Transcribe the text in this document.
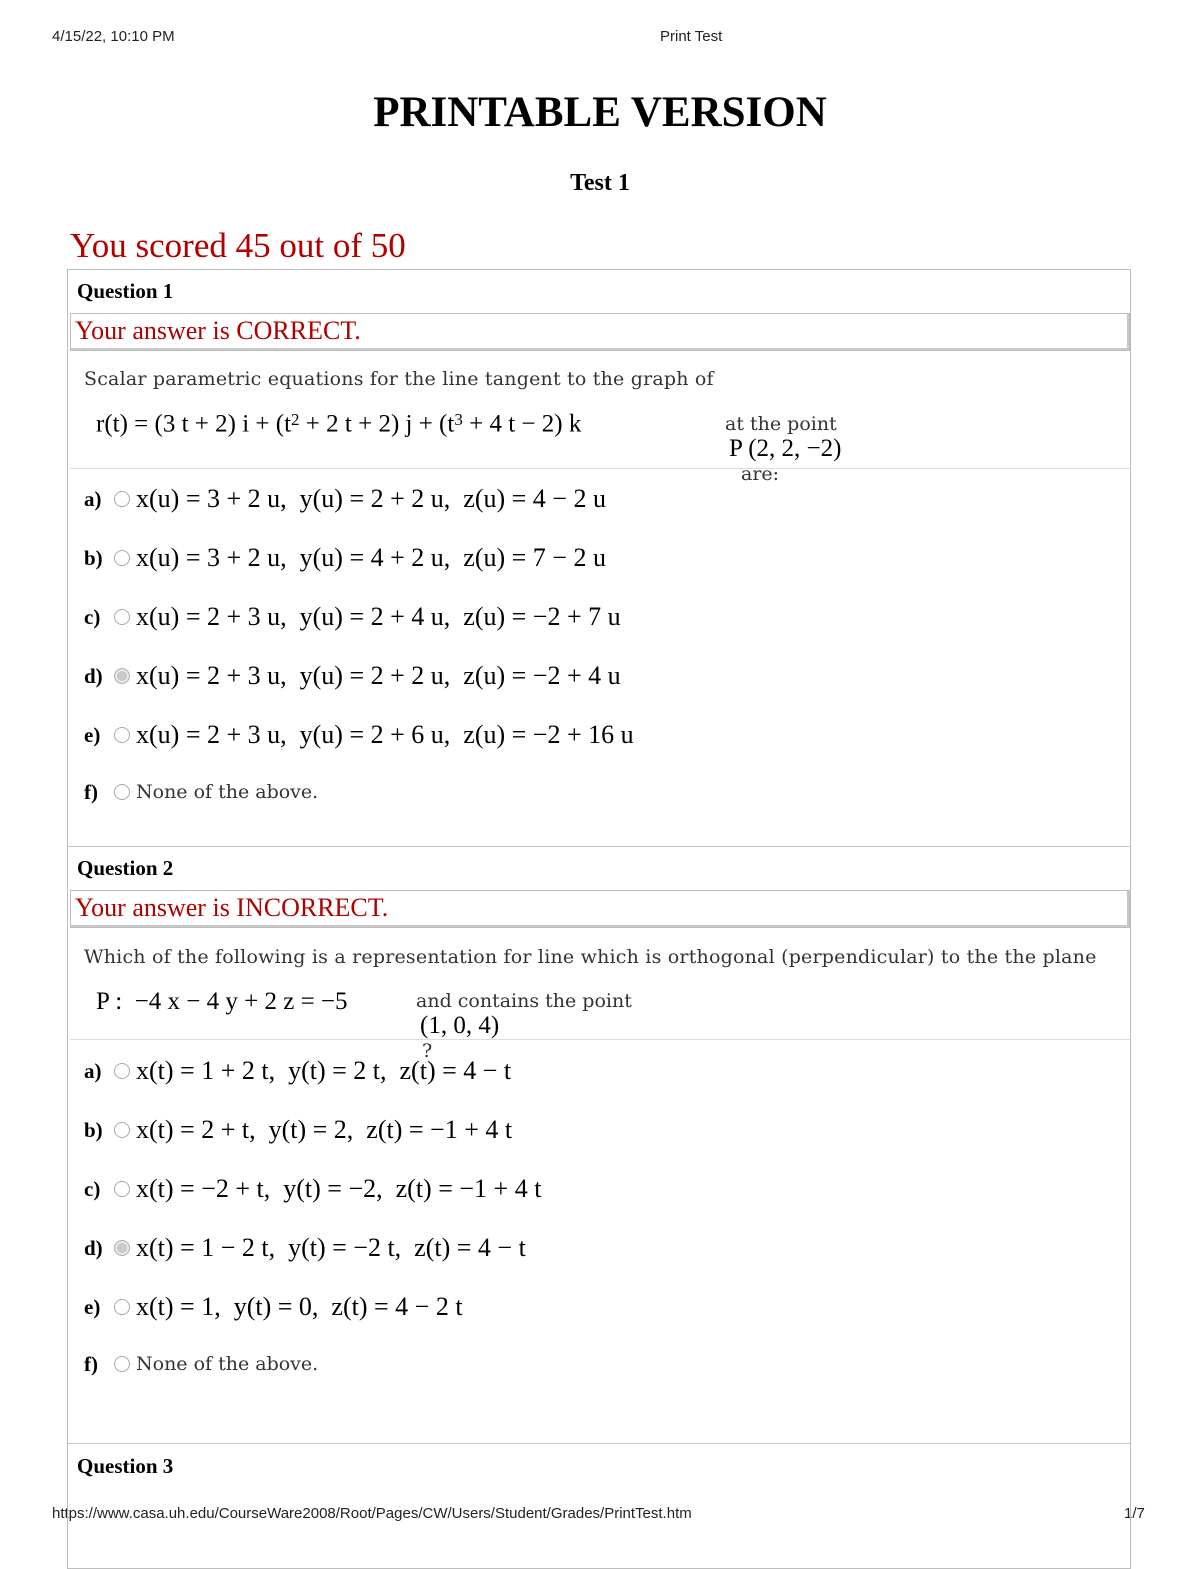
4/15/22, 10:10 PM	Print Test
https://www.casa.uh.edu/CourseWare2008/Root/Pages/CW/Users/Student/Grades/PrintTest.htm	1/7
PRINTABLE VERSION
Test 1
You scored 45 out of 50
Question 1
Your answer is CORRECT.
Scalar parametric equations for the line tangent to the graph of

r(t) = (3 t + 2) $i + (t^2 + 2$ t + 2) $j + (t^3 + 4$ t − 2) k	at the point
P (2, 2, −2)
are:

a)	x(u) = 3 + 2 u,  y(u) = 2 + 2 u,  z(u) = 4 − 2 u
b)	x(u) = 3 + 2 u,  y(u) = 4 + 2 u,  z(u) = 7 − 2 u
c)	x(u) = 2 + 3 u,  y(u) = 2 + 4 u,  z(u) = −2 + 7 u
d)	x(u) = 2 + 3 u,  y(u) = 2 + 2 u,  z(u) = −2 + 4 u
e)	x(u) = 2 + 3 u,  y(u) = 2 + 6 u,  z(u) = −2 + 16 u
f)	None of the above.
Question 2
Your answer is INCORRECT.
Which of the following is a representation for line which is orthogonal (perpendicular) to the the plane

P :  −4 x − 4 y + 2 z = −5	and contains the point
(1, 0, 4)
?

a)	x(t) = 1 + 2 t,  y(t) = 2 t,  z(t) = 4 − t
b)	x(t) = 2 + t,  y(t) = 2,  z(t) = −1 + 4 t
c)	x(t) = −2 + t,  y(t) = −2,  z(t) = −1 + 4 t
d)	x(t) = 1 − 2 t,  y(t) = −2 t,  z(t) = 4 − t
e)	x(t) = 1,  y(t) = 0,  z(t) = 4 − 2 t
f)	None of the above.
Question 3
